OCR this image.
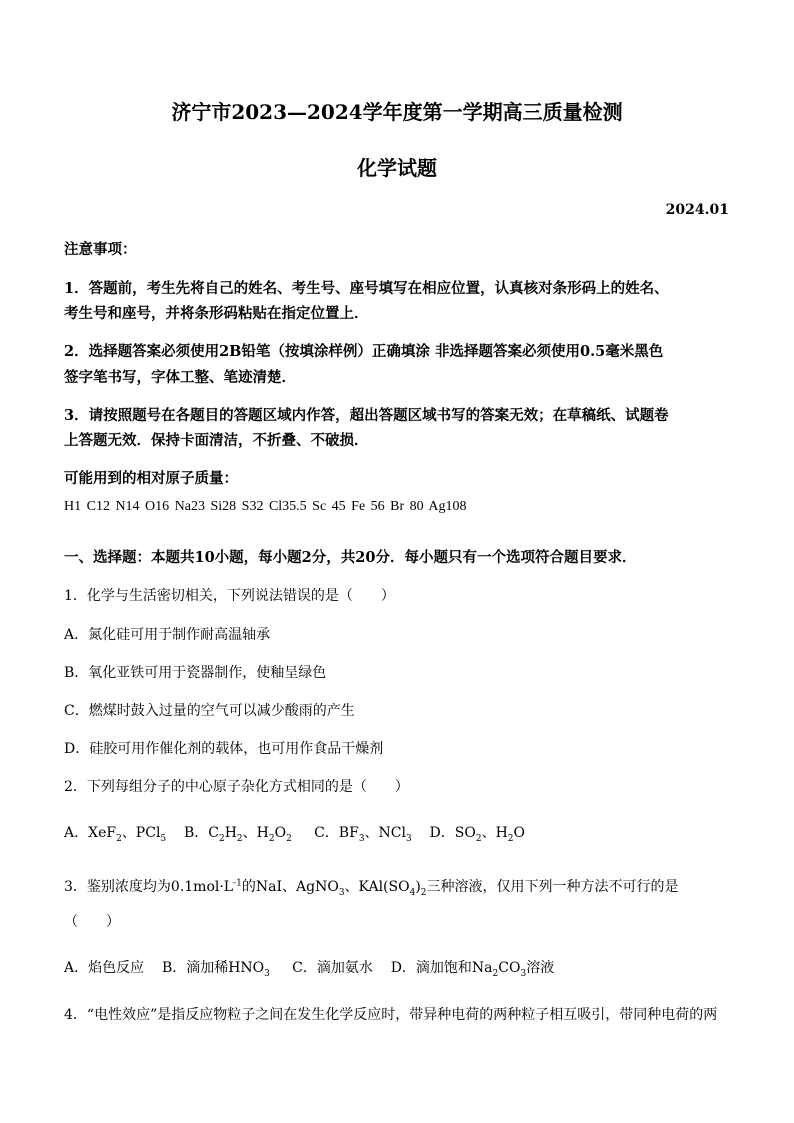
济宁市2023—2024学年度第一学期高三质量检测
化学试题
2024.01
注意事项：
1．答题前，考生先将自己的姓名、考生号、座号填写在相应位置，认真核对条形码上的姓名、
考生号和座号，并将条形码粘贴在指定位置上．
2．选择题答案必须使用2B铅笔（按填涂样例）正确填涂 非选择题答案必须使用0.5毫米黑色
签字笔书写，字体工整、笔迹清楚．
3．请按照题号在各题目的答题区域内作答，超出答题区域书写的答案无效；在草稿纸、试题卷
上答题无效．保持卡面清洁，不折叠、不破损．
可能用到的相对原子质量：
H1 C12 N14 O16 Na23 Si28 S32 Cl35.5 Sc 45 Fe 56 Br 80 Ag108
一、选择题：本题共10小题，每小题2分，共20分．每小题只有一个选项符合题目要求．
1．化学与生活密切相关，下列说法错误的是（　　）
A．氮化硅可用于制作耐高温轴承
B．氧化亚铁可用于瓷器制作，使釉呈绿色
C．燃煤时鼓入过量的空气可以减少酸雨的产生
D．硅胶可用作催化剂的载体，也可用作食品干燥剂
2．下列每组分子的中心原子杂化方式相同的是（　　）
A．XeF$_2$、PCl$_5$ B．$C_2H_2$、$H_2O_2$ C．$BF_3$、NCl$_3$ D．$SO_2$、$H_2O$
3．鉴别浓度均为$0.1mol\cdot L^{-1}$的NaI、AgNO$_3$、$KAl(SO_4)_2$三种溶液，仅用下列一种方法不可行的是
（　　）
A．焰色反应 B．滴加稀$HNO_3$ C．滴加氨水 D．滴加饱和$Na_2CO_3$溶液
4．“电性效应”是指反应物粒子之间在发生化学反应时，带异种电荷的两种粒子相互吸引，带同种电荷的两
